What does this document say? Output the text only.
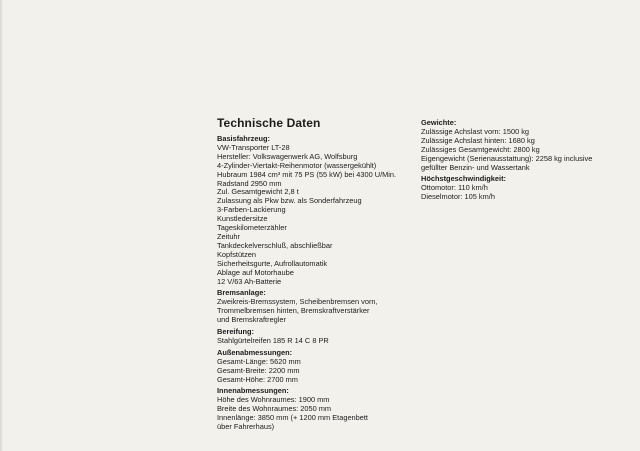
Technische Daten

Basisfahrzeug:

VW-Transporter LT-28

Hersteller: Volkswagenwerk AG, Wolfsburg

4-Zylinder-Viertakt-Reihenmotor (wassergekühlt)

Hubraum 1984 cm³ mit 75 PS (55 kW) bei 4300 U/Min.

Radstand 2950 mm

Zul. Gesamtgewicht 2,8 t

Zulassung als Pkw bzw. als Sonderfahrzeug

3-Farben-Lackierung

Kunstledersitze

Tageskilometerzähler

Zeituhr

Tankdeckelverschluß, abschließbar

Kopfstützen

Sicherheitsgurte, Aufrollautomatik

Ablage auf Motorhaube

12 V/63 Ah-Batterie

Bremsanlage:

Zweikreis-Bremssystem, Scheibenbremsen vorn,

Trommelbremsen hinten, Bremskraftverstärker

und Bremskraftregler

Bereifung:

Stahlgürtelreifen 185 R 14 C 8 PR

Außenabmessungen:

Gesamt-Länge: 5620 mm

Gesamt-Breite: 2200 mm

Gesamt-Höhe: 2700 mm

Innenabmessungen:

Höhe des Wohnraumes: 1900 mm

Breite des Wohnraumes: 2050 mm

Innenlänge: 3850 mm (+ 1200 mm Etagenbett

über Fahrerhaus)

Gewichte:

Zulässige Achslast vorn: 1500 kg

Zulässige Achslast hinten: 1680 kg

Zulässiges Gesamtgewicht: 2800 kg

Eigengewicht (Serienausstattung): 2258 kg inclusive

gefüllter Benzin- und Wassertank

Höchstgeschwindigkeit:

Ottomotor: 110 km/h

Dieselmotor: 105 km/h
